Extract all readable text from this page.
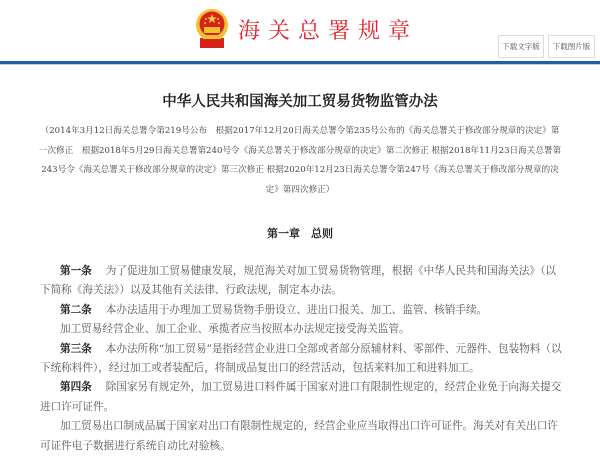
海关总署规章
下载文字版	下载图片版
中华人民共和国海关加工贸易货物监管办法
（2014年3月12日海关总署令第219号公布　根据2017年12月20日海关总署令第235号公布的《海关总署关于修改部分规章的决定》第一次修正　根据2018年5月29日海关总署第240号令《海关总署关于修改部分规章的决定》第二次修正 根据2018年11月23日海关总署第243号令《海关总署关于修改部分规章的决定》第三次修正 根据2020年12月23日海关总署令第247号《海关总署关于修改部分规章的决定》第四次修正）
第一章　总则

第一条 为了促进加工贸易健康发展，规范海关对加工贸易货物管理，根据《中华人民共和国海关法》（以下简称《海关法》）以及其他有关法律、行政法规，制定本办法。

第二条 本办法适用于办理加工贸易货物手册设立、进出口报关、加工、监管、核销手续。

加工贸易经营企业、加工企业、承揽者应当按照本办法规定接受海关监管。

第三条 本办法所称“加工贸易”是指经营企业进口全部或者部分原辅材料、零部件、元器件、包装物料（以下统称料件），经过加工或者装配后，将制成品复出口的经营活动，包括来料加工和进料加工。

第四条 除国家另有规定外，加工贸易进口料件属于国家对进口有限制性规定的，经营企业免于向海关提交进口许可证件。

加工贸易出口制成品属于国家对出口有限制性规定的，经营企业应当取得出口许可证件。海关对有关出口许可证件电子数据进行系统自动比对验核。
